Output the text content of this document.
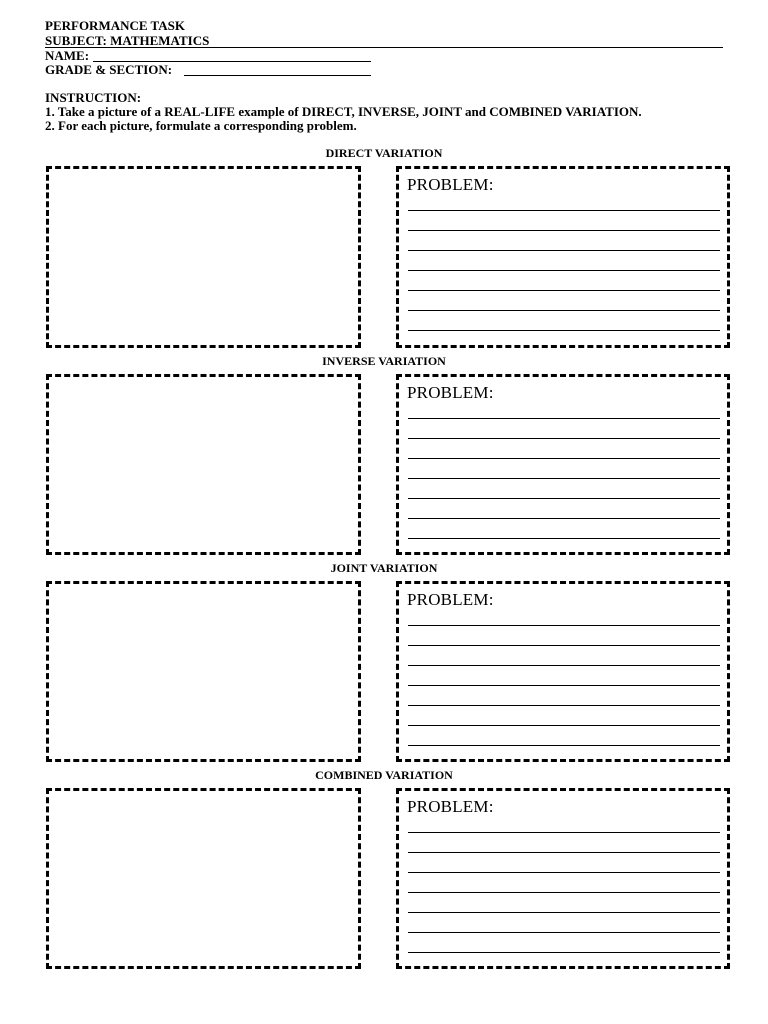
PERFORMANCE TASK
SUBJECT: MATHEMATICS
NAME:
GRADE & SECTION:
INSTRUCTION:
1. Take a picture of a REAL-LIFE example of DIRECT, INVERSE, JOINT and COMBINED VARIATION.
2. For each picture, formulate a corresponding problem.
DIRECT VARIATION
PROBLEM:
INVERSE VARIATION
PROBLEM:
JOINT VARIATION
PROBLEM:
COMBINED VARIATION
PROBLEM:
